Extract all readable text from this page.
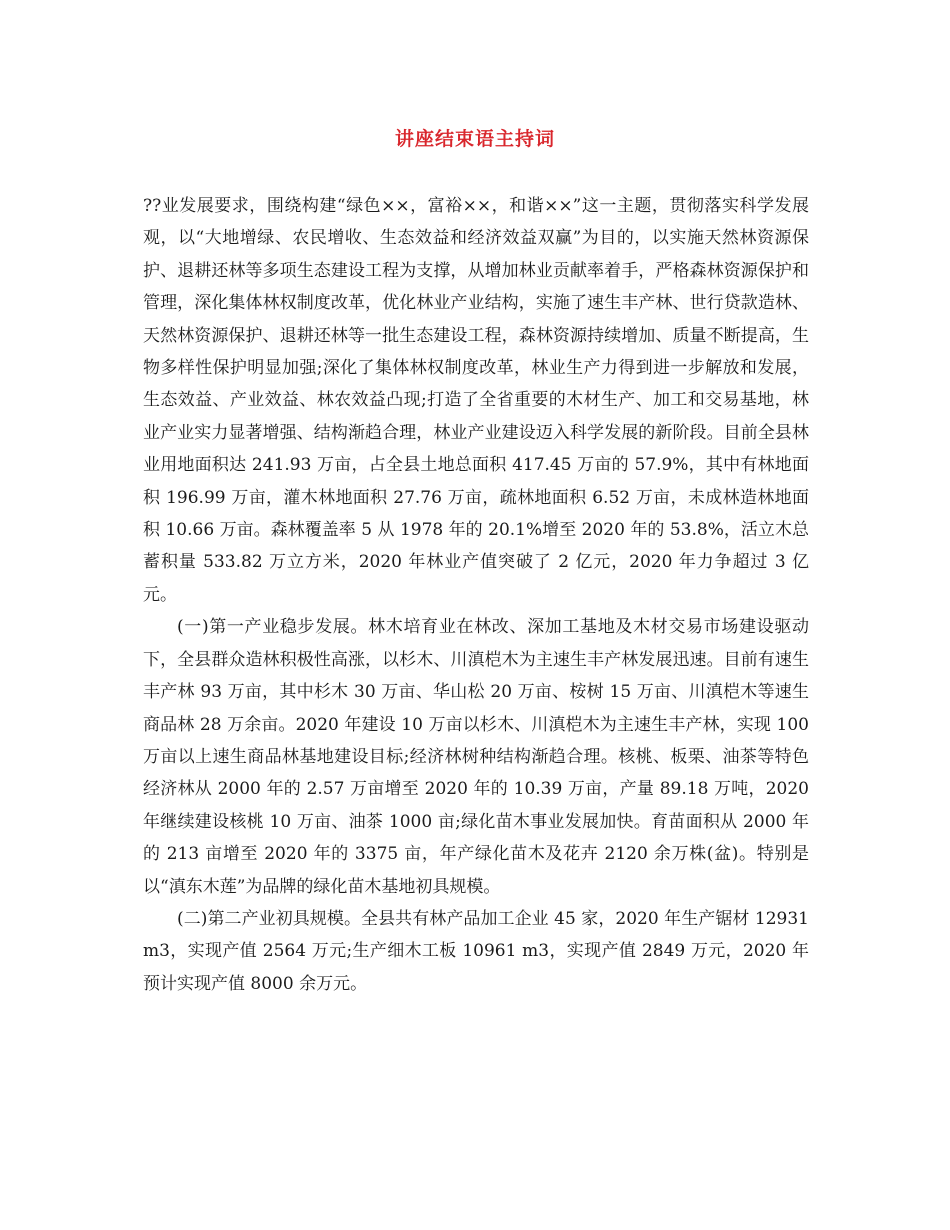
讲座结束语主持词

??业发展要求，围绕构建“绿色××，富裕××，和谐××”这一主题，贯彻落实科学发展观，以“大地增绿、农民增收、生态效益和经济效益双赢”为目的，以实施天然林资源保护、退耕还林等多项生态建设工程为支撑，从增加林业贡献率着手，严格森林资源保护和管理，深化集体林权制度改革，优化林业产业结构，实施了速生丰产林、世行贷款造林、天然林资源保护、退耕还林等一批生态建设工程，森林资源持续增加、质量不断提高，生物多样性保护明显加强;深化了集体林权制度改革，林业生产力得到进一步解放和发展，生态效益、产业效益、林农效益凸现;打造了全省重要的木材生产、加工和交易基地，林业产业实力显著增强、结构渐趋合理，林业产业建设迈入科学发展的新阶段。目前全县林业用地面积达 241.93 万亩，占全县土地总面积 417.45 万亩的 57.9%，其中有林地面积 196.99 万亩，灌木林地面积 27.76 万亩，疏林地面积 6.52 万亩，未成林造林地面积 10.66 万亩。森林覆盖率 5 从 1978 年的 20.1%增至 2020 年的 53.8%，活立木总蓄积量 533.82 万立方米，2020 年林业产值突破了 2 亿元，2020 年力争超过 3 亿元。

(一)第一产业稳步发展。林木培育业在林改、深加工基地及木材交易市场建设驱动下，全县群众造林积极性高涨，以杉木、川滇桤木为主速生丰产林发展迅速。目前有速生丰产林 93 万亩，其中杉木 30 万亩、华山松 20 万亩、桉树 15 万亩、川滇桤木等速生商品林 28 万余亩。2020 年建设 10 万亩以杉木、川滇桤木为主速生丰产林，实现 100 万亩以上速生商品林基地建设目标;经济林树种结构渐趋合理。核桃、板栗、油茶等特色经济林从 2000 年的 2.57 万亩增至 2020 年的 10.39 万亩，产量 89.18 万吨，2020 年继续建设核桃 10 万亩、油茶 1000 亩;绿化苗木事业发展加快。育苗面积从 2000 年的 213 亩增至 2020 年的 3375 亩，年产绿化苗木及花卉 2120 余万株(盆)。特别是以“滇东木莲”为品牌的绿化苗木基地初具规模。

(二)第二产业初具规模。全县共有林产品加工企业 45 家，2020 年生产锯材 12931 m3，实现产值 2564 万元;生产细木工板 10961 m3，实现产值 2849 万元，2020 年预计实现产值 8000 余万元。
